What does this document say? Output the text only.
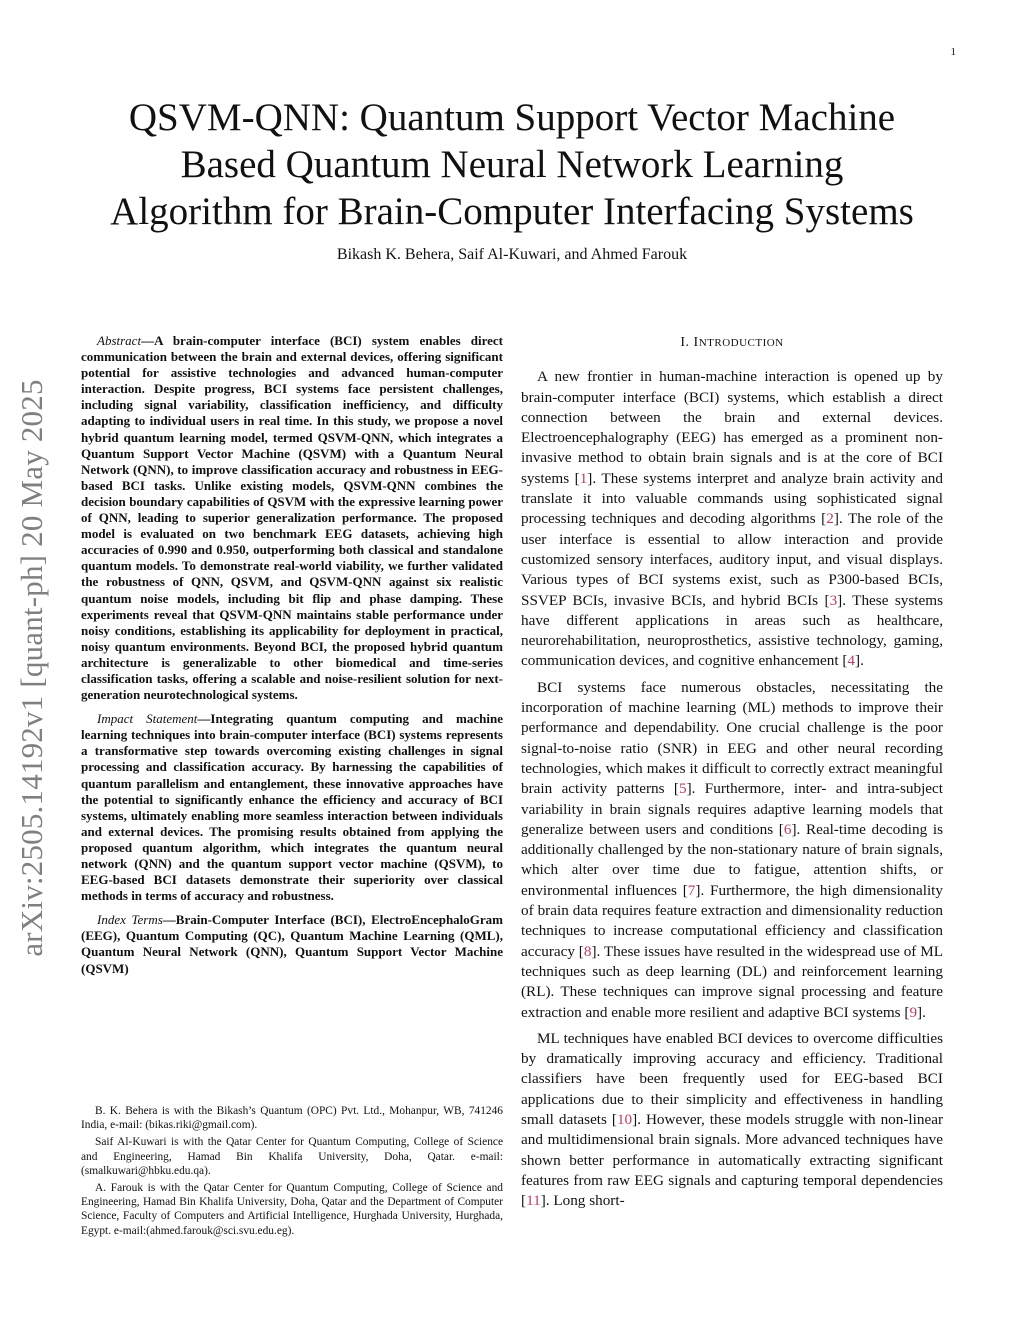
1
arXiv:2505.14192v1 [quant-ph] 20 May 2025
QSVM-QNN: Quantum Support Vector Machine
Based Quantum Neural Network Learning
Algorithm for Brain-Computer Interfacing Systems

Bikash K. Behera, Saif Al-Kuwari, and Ahmed Farouk

Abstract—A brain-computer interface (BCI) system enables direct communication between the brain and external devices, offering significant potential for assistive technologies and advanced human-computer interaction. Despite progress, BCI systems face persistent challenges, including signal variability, classification inefficiency, and difficulty adapting to individual users in real time. In this study, we propose a novel hybrid quantum learning model, termed QSVM-QNN, which integrates a Quantum Support Vector Machine (QSVM) with a Quantum Neural Network (QNN), to improve classification accuracy and robustness in EEG-based BCI tasks. Unlike existing models, QSVM-QNN combines the decision boundary capabilities of QSVM with the expressive learning power of QNN, leading to superior generalization performance. The proposed model is evaluated on two benchmark EEG datasets, achieving high accuracies of 0.990 and 0.950, outperforming both classical and standalone quantum models. To demonstrate real-world viability, we further validated the robustness of QNN, QSVM, and QSVM-QNN against six realistic quantum noise models, including bit flip and phase damping. These experiments reveal that QSVM-QNN maintains stable performance under noisy conditions, establishing its applicability for deployment in practical, noisy quantum environments. Beyond BCI, the proposed hybrid quantum architecture is generalizable to other biomedical and time-series classification tasks, offering a scalable and noise-resilient solution for next-generation neurotechnological systems.

Impact Statement—Integrating quantum computing and machine learning techniques into brain-computer interface (BCI) systems represents a transformative step towards overcoming existing challenges in signal processing and classification accuracy. By harnessing the capabilities of quantum parallelism and entanglement, these innovative approaches have the potential to significantly enhance the efficiency and accuracy of BCI systems, ultimately enabling more seamless interaction between individuals and external devices. The promising results obtained from applying the proposed quantum algorithm, which integrates the quantum neural network (QNN) and the quantum support vector machine (QSVM), to EEG-based BCI datasets demonstrate their superiority over classical methods in terms of accuracy and robustness.

Index Terms—Brain-Computer Interface (BCI), ElectroEncephaloGram (EEG), Quantum Computing (QC), Quantum Machine Learning (QML), Quantum Neural Network (QNN), Quantum Support Vector Machine (QSVM)

B. K. Behera is with the Bikash’s Quantum (OPC) Pvt. Ltd., Mohanpur, WB, 741246 India, e-mail: (bikas.riki@gmail.com).

Saif Al-Kuwari is with the Qatar Center for Quantum Computing, College of Science and Engineering, Hamad Bin Khalifa University, Doha, Qatar. e-mail: (smalkuwari@hbku.edu.qa).

A. Farouk is with the Qatar Center for Quantum Computing, College of Science and Engineering, Hamad Bin Khalifa University, Doha, Qatar and the Department of Computer Science, Faculty of Computers and Artificial Intelligence, Hurghada University, Hurghada, Egypt. e-mail:(ahmed.farouk@sci.svu.edu.eg).

I. INTRODUCTION

A new frontier in human-machine interaction is opened up by brain-computer interface (BCI) systems, which establish a direct connection between the brain and external devices. Electroencephalography (EEG) has emerged as a prominent non-invasive method to obtain brain signals and is at the core of BCI systems [1]. These systems interpret and analyze brain activity and translate it into valuable commands using sophisticated signal processing techniques and decoding algorithms [2]. The role of the user interface is essential to allow interaction and provide customized sensory interfaces, auditory input, and visual displays. Various types of BCI systems exist, such as P300-based BCIs, SSVEP BCIs, invasive BCIs, and hybrid BCIs [3]. These systems have different applications in areas such as healthcare, neurorehabilitation, neuroprosthetics, assistive technology, gaming, communication devices, and cognitive enhancement [4].

BCI systems face numerous obstacles, necessitating the incorporation of machine learning (ML) methods to improve their performance and dependability. One crucial challenge is the poor signal-to-noise ratio (SNR) in EEG and other neural recording technologies, which makes it difficult to correctly extract meaningful brain activity patterns [5]. Furthermore, inter- and intra-subject variability in brain signals requires adaptive learning models that generalize between users and conditions [6]. Real-time decoding is additionally challenged by the non-stationary nature of brain signals, which alter over time due to fatigue, attention shifts, or environmental influences [7]. Furthermore, the high dimensionality of brain data requires feature extraction and dimensionality reduction techniques to increase computational efficiency and classification accuracy [8]. These issues have resulted in the widespread use of ML techniques such as deep learning (DL) and reinforcement learning (RL). These techniques can improve signal processing and feature extraction and enable more resilient and adaptive BCI systems [9].

ML techniques have enabled BCI devices to overcome difficulties by dramatically improving accuracy and efficiency. Traditional classifiers have been frequently used for EEG-based BCI applications due to their simplicity and effectiveness in handling small datasets [10]. However, these models struggle with non-linear and multidimensional brain signals. More advanced techniques have shown better performance in automatically extracting significant features from raw EEG signals and capturing temporal dependencies [11]. Long short-
